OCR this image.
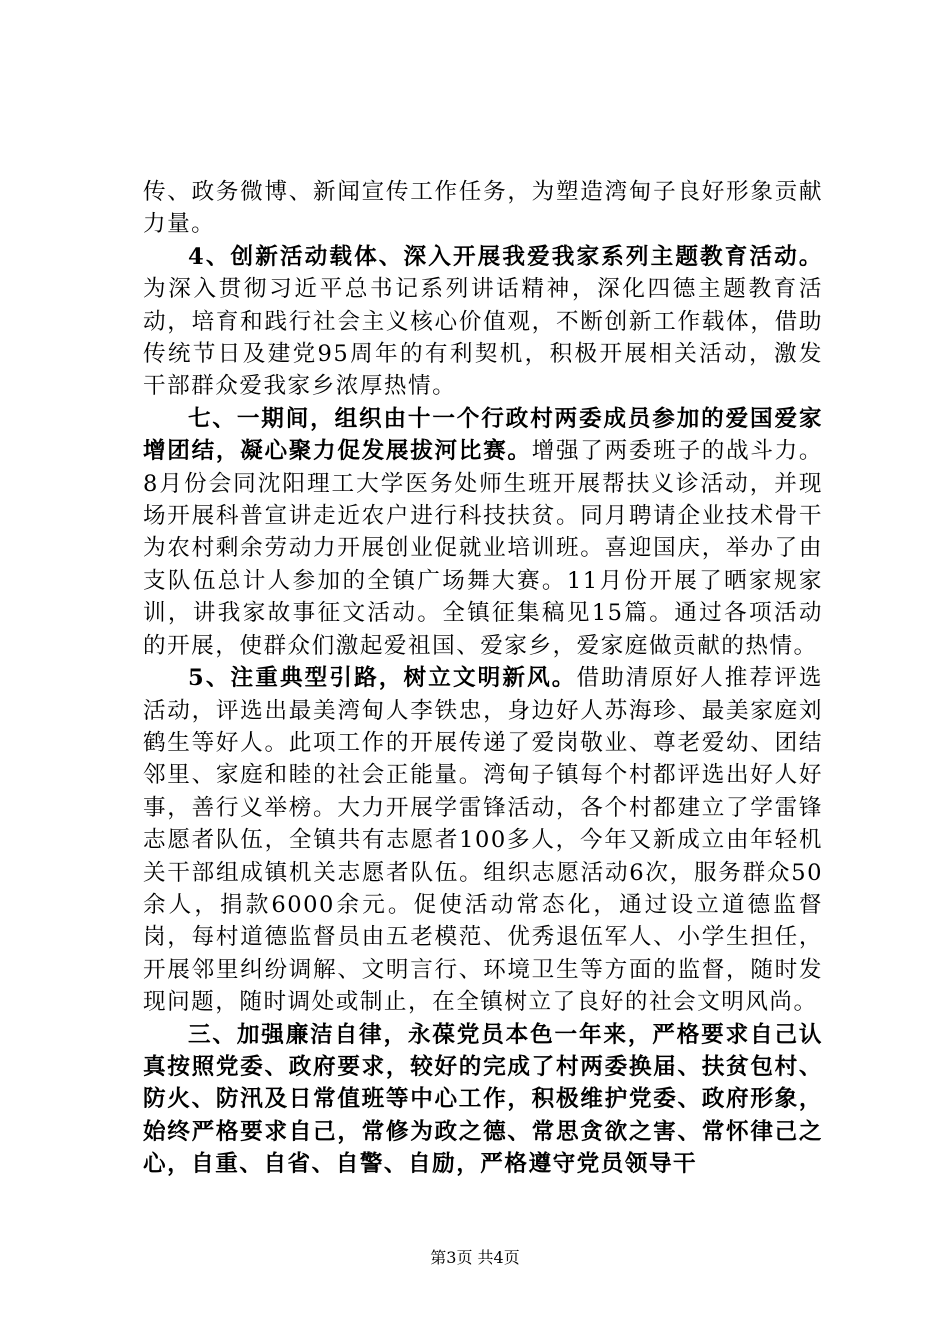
传、政务微博、新闻宣传工作任务，为塑造湾甸子良好形象贡献力量。

4、创新活动载体、深入开展我爱我家系列主题教育活动。为深入贯彻习近平总书记系列讲话精神，深化四德主题教育活动，培育和践行社会主义核心价值观，不断创新工作载体，借助传统节日及建党95周年的有利契机，积极开展相关活动，激发干部群众爱我家乡浓厚热情。

七、一期间，组织由十一个行政村两委成员参加的爱国爱家增团结，凝心聚力促发展拔河比赛。增强了两委班子的战斗力。8月份会同沈阳理工大学医务处师生班开展帮扶义诊活动，并现场开展科普宣讲走近农户进行科技扶贫。同月聘请企业技术骨干为农村剩余劳动力开展创业促就业培训班。喜迎国庆，举办了由支队伍总计人参加的全镇广场舞大赛。11月份开展了晒家规家训，讲我家故事征文活动。全镇征集稿见15篇。通过各项活动的开展，使群众们激起爱祖国、爱家乡，爱家庭做贡献的热情。

5、注重典型引路，树立文明新风。借助清原好人推荐评选活动，评选出最美湾甸人李铁忠，身边好人苏海珍、最美家庭刘鹤生等好人。此项工作的开展传递了爱岗敬业、尊老爱幼、团结邻里、家庭和睦的社会正能量。湾甸子镇每个村都评选出好人好事，善行义举榜。大力开展学雷锋活动，各个村都建立了学雷锋志愿者队伍，全镇共有志愿者100多人，今年又新成立由年轻机关干部组成镇机关志愿者队伍。组织志愿活动6次，服务群众50余人，捐款6000余元。促使活动常态化，通过设立道德监督岗，每村道德监督员由五老模范、优秀退伍军人、小学生担任，开展邻里纠纷调解、文明言行、环境卫生等方面的监督，随时发现问题，随时调处或制止，在全镇树立了良好的社会文明风尚。

三、加强廉洁自律，永葆党员本色一年来，严格要求自己认真按照党委、政府要求，较好的完成了村两委换届、扶贫包村、防火、防汛及日常值班等中心工作，积极维护党委、政府形象，始终严格要求自己，常修为政之德、常思贪欲之害、常怀律己之心，自重、自省、自警、自励，严格遵守党员领导干

第3页 共4页
